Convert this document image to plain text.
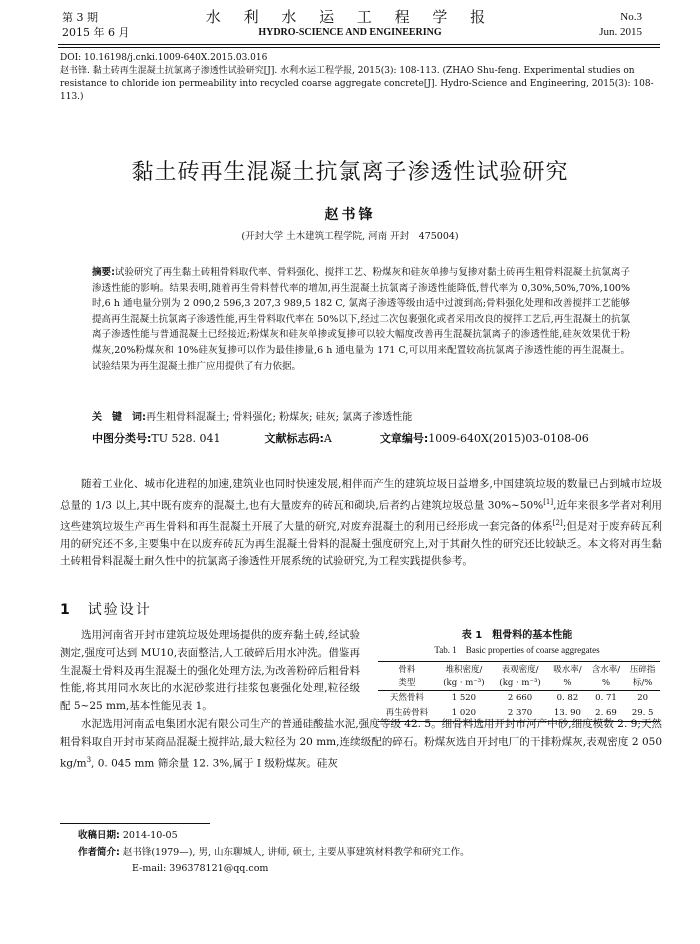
第 3 期
2015 年 6 月
水 利 水 运 工 程 学 报
HYDRO-SCIENCE AND ENGINEERING
No.3
Jun. 2015
DOI: 10.16198/j.cnki.1009-640X.2015.03.016
赵书锋. 黏土砖再生混凝土抗氯离子渗透性试验研究[J]. 水利水运工程学报, 2015(3): 108-113. (ZHAO Shu-feng. Experimental studies on resistance to chloride ion permeability into recycled coarse aggregate concrete[J]. Hydro-Science and Engineering, 2015(3): 108-113.)
黏土砖再生混凝土抗氯离子渗透性试验研究
赵书锋
(开封大学 土木建筑工程学院, 河南 开封　475004)
摘要:试验研究了再生黏土砖粗骨料取代率、骨料强化、搅拌工艺、粉煤灰和硅灰单掺与复掺对黏土砖再生粗骨料混凝土抗氯离子渗透性能的影响。结果表明,随着再生骨料替代率的增加,再生混凝土抗氯离子渗透性能降低,替代率为 0,30%,50%,70%,100%时,6 h 通电量分别为 2 090,2 596,3 207,3 989,5 182 C, 氯离子渗透等级由适中过渡到高;骨料强化处理和改善搅拌工艺能够提高再生混凝土抗氯离子渗透性能,再生骨料取代率在 50%以下,经过二次包裹强化或者采用改良的搅拌工艺后,再生混凝土的抗氯离子渗透性能与普通混凝土已经接近;粉煤灰和硅灰单掺或复掺可以较大幅度改善再生混凝抗氯离子的渗透性能,硅灰效果优于粉煤灰,20%粉煤灰和 10%硅灰复掺可以作为最佳掺量,6 h 通电量为 171 C,可以用来配置较高抗氯离子渗透性能的再生混凝土。试验结果为再生混凝土推广应用提供了有力依据。
关　键　词:再生粗骨料混凝土; 骨料强化; 粉煤灰; 硅灰; 氯离子渗透性能
中图分类号:TU 528. 041	文献标志码:A	文章编号:1009-640X(2015)03-0108-06
随着工业化、城市化进程的加速,建筑业也同时快速发展,相伴而产生的建筑垃圾日益增多,中国建筑垃圾的数量已占到城市垃圾总量的 1/3 以上,其中既有废弃的混凝土,也有大量废弃的砖瓦和砌块,后者约占建筑垃圾总量 30%~50%[1],近年来很多学者对利用这些建筑垃圾生产再生骨料和再生混凝土开展了大量的研究,对废弃混凝土的利用已经形成一套完备的体系[2];但是对于废弃砖瓦利用的研究还不多,主要集中在以废弃砖瓦为再生混凝土骨料的混凝土强度研究上,对于其耐久性的研究还比较缺乏。本文将对再生黏土砖粗骨料混凝土耐久性中的抗氯离子渗透性开展系统的试验研究,为工程实践提供参考。
1 试验设计
选用河南省开封市建筑垃圾处理场提供的废弃黏土砖,经试验测定,强度可达到 MU10,表面整洁,人工破碎后用水冲洗。借鉴再生混凝土骨料及再生混凝土的强化处理方法,为改善粉碎后粗骨料性能,将其用同水灰比的水泥砂浆进行挂浆包裹强化处理,粒径级配 5~25 mm,基本性能见表 1。
表 1　粗骨料的基本性能
Tab. 1　Basic properties of coarse aggregates
骨料	堆积密度/	表观密度/	吸水率/	含水率/	压碎指
类型	(kg · m⁻³)	(kg · m⁻³)	%	%	标/%
天然骨料	1 520	2 660	0. 82	0. 71	20
再生砖骨料	1 020	2 370	13. 90	2. 69	29. 5
水泥选用河南孟电集团水泥有限公司生产的普通硅酸盐水泥,强度等级 42. 5。细骨料选用开封市河产中砂,细度模数 2. 9;天然粗骨料取自开封市某商品混凝土搅拌站,最大粒径为 20 mm,连续级配的碎石。粉煤灰选自开封电厂的干排粉煤灰,表观密度 2 050 $kg/m^3$, 0. 045 mm 筛余量 12. 3%,属于 Ⅰ 级粉煤灰。硅灰
收稿日期: 2014-10-05
作者简介: 赵书锋(1979—), 男, 山东聊城人, 讲师, 硕士, 主要从事建筑材料教学和研究工作。
E-mail: 396378121@qq.com
